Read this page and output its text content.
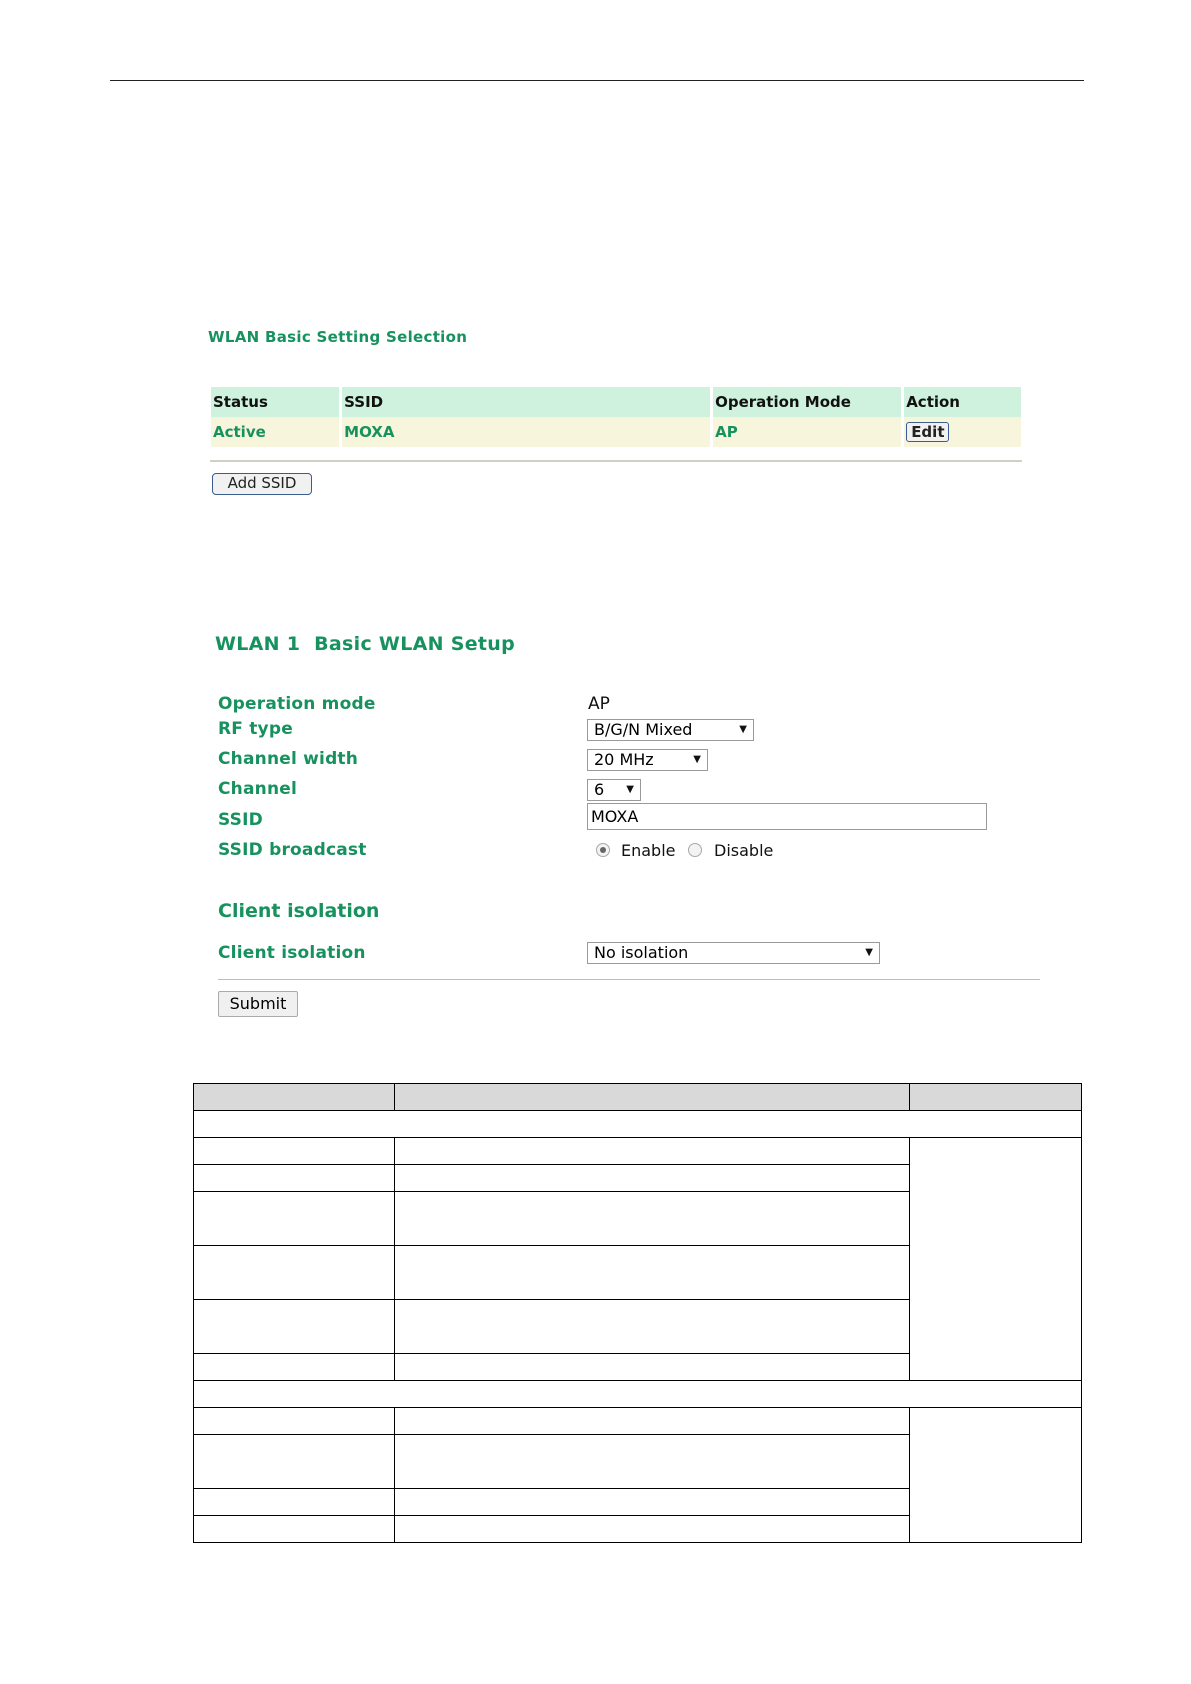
WLAN Basic Setting Selection
Status	SSID	Operation Mode	Action
Active	MOXA	AP	Edit
Add SSID
WLAN 1  Basic WLAN Setup
Operation mode	AP
RF type	B/G/N Mixed	▼
Channel width	20 MHz	▼
Channel	6 ▼
SSID	MOXA
SSID broadcast	Enable Disable
Client isolation
Client isolation	No isolation	▼
Submit
